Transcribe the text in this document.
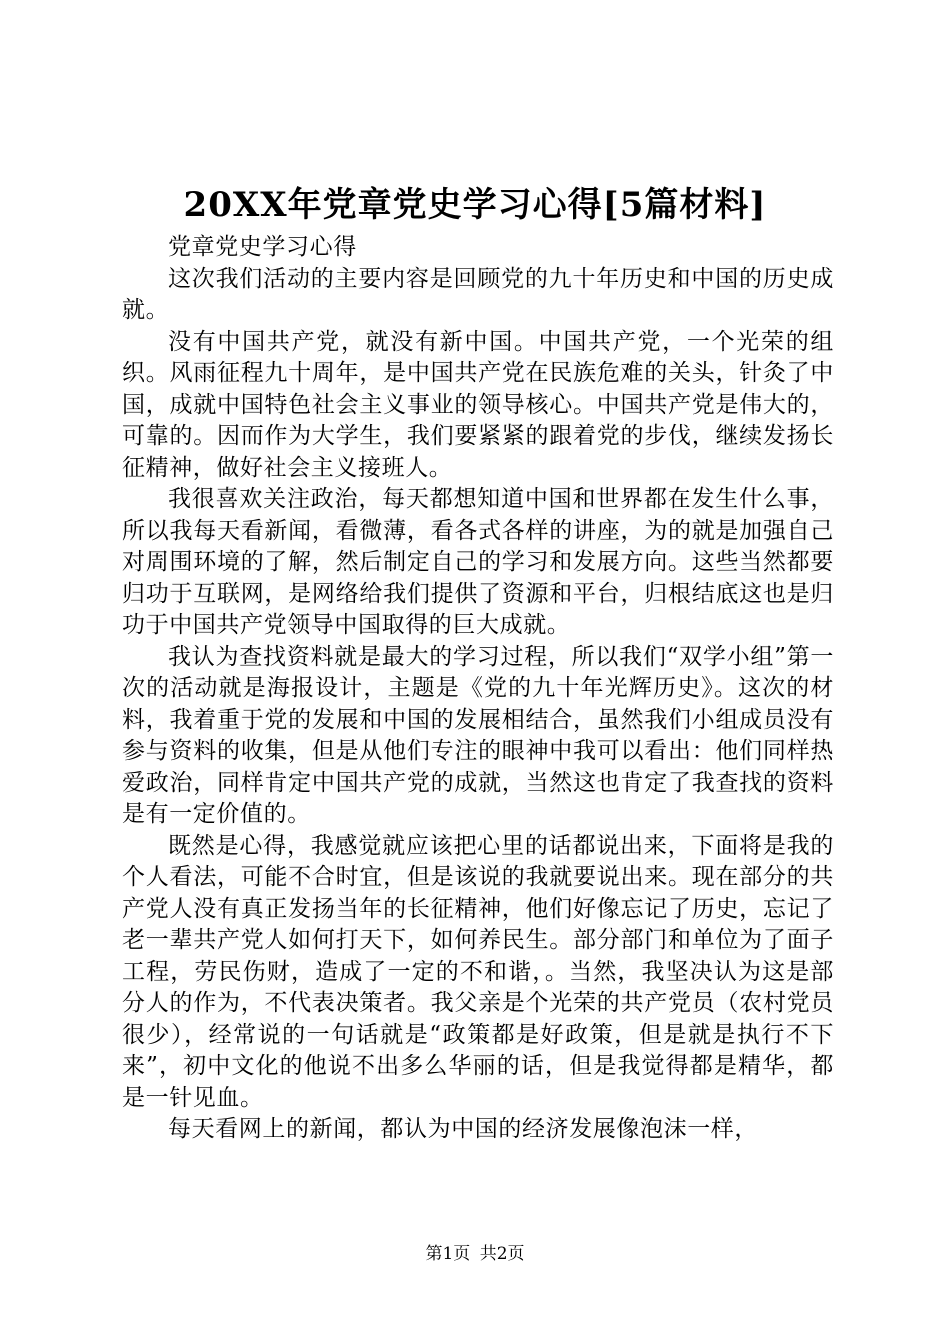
20XX年党章党史学习心得[5篇材料]

党章党史学习心得

这次我们活动的主要内容是回顾党的九十年历史和中国的历史成就。

没有中国共产党，就没有新中国。中国共产党，一个光荣的组织。风雨征程九十周年，是中国共产党在民族危难的关头，针灸了中国，成就中国特色社会主义事业的领导核心。中国共产党是伟大的，可靠的。因而作为大学生，我们要紧紧的跟着党的步伐，继续发扬长征精神，做好社会主义接班人。

我很喜欢关注政治，每天都想知道中国和世界都在发生什么事，所以我每天看新闻，看微薄，看各式各样的讲座，为的就是加强自己对周围环境的了解，然后制定自己的学习和发展方向。这些当然都要归功于互联网，是网络给我们提供了资源和平台，归根结底这也是归功于中国共产党领导中国取得的巨大成就。

我认为查找资料就是最大的学习过程，所以我们“双学小组”第一次的活动就是海报设计，主题是《党的九十年光辉历史》。这次的材料，我着重于党的发展和中国的发展相结合，虽然我们小组成员没有参与资料的收集，但是从他们专注的眼神中我可以看出：他们同样热爱政治，同样肯定中国共产党的成就，当然这也肯定了我查找的资料是有一定价值的。

既然是心得，我感觉就应该把心里的话都说出来，下面将是我的个人看法，可能不合时宜，但是该说的我就要说出来。现在部分的共产党人没有真正发扬当年的长征精神，他们好像忘记了历史，忘记了老一辈共产党人如何打天下，如何养民生。部分部门和单位为了面子工程，劳民伤财，造成了一定的不和谐，。当然，我坚决认为这是部分人的作为，不代表决策者。我父亲是个光荣的共产党员（农村党员很少），经常说的一句话就是“政策都是好政策，但是就是执行不下来”，初中文化的他说不出多么华丽的话，但是我觉得都是精华，都是一针见血。

每天看网上的新闻，都认为中国的经济发展像泡沫一样，

第1页 共2页
